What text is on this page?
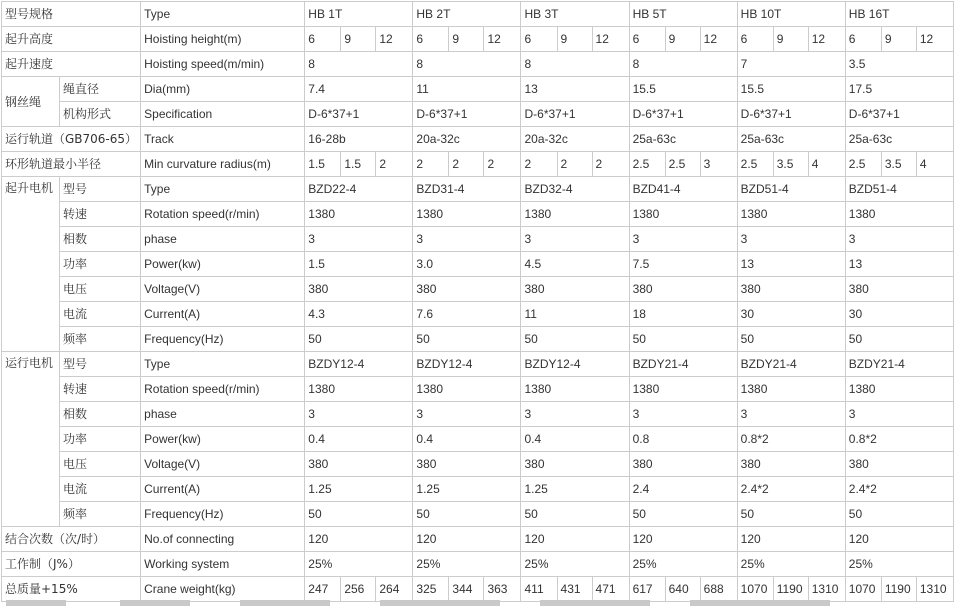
型号规格		Type	HB 1T			HB 2T			HB 3T			HB 5T			HB 10T			HB 16T		
起升高度		Hoisting height(m)	6	9	12	6	9	12	6	9	12	6	9	12	6	9	12	6	9	12
起升速度		Hoisting speed(m/min)	8			8			8			8			7			3.5		
钢丝绳	绳直径	Dia(mm)	7.4			11			13			15.5			15.5			17.5		
	机构形式	Specification	D-6*37+1			D-6*37+1			D-6*37+1			D-6*37+1			D-6*37+1			D-6*37+1		
运行轨道（GB706-65）		Track	16-28b			20a-32c			20a-32c			25a-63c			25a-63c			25a-63c		
环形轨道最小半径		Min curvature radius(m)	1.5	1.5	2	2	2	2	2	2	2	2.5	2.5	3	2.5	3.5	4	2.5	3.5	4
起升电机	型号	Type	BZD22-4			BZD31-4			BZD32-4			BZD41-4			BZD51-4			BZD51-4		
	转速	Rotation speed(r/min)	1380			1380			1380			1380			1380			1380		
	相数	phase	3			3			3			3			3			3		
	功率	Power(kw)	1.5			3.0			4.5			7.5			13			13		
	电压	Voltage(V)	380			380			380			380			380			380		
	电流	Current(A)	4.3			7.6			11			18			30			30		
	频率	Frequency(Hz)	50			50			50			50			50			50		
运行电机	型号	Type	BZDY12-4			BZDY12-4			BZDY12-4			BZDY21-4			BZDY21-4			BZDY21-4		
	转速	Rotation speed(r/min)	1380			1380			1380			1380			1380			1380		
	相数	phase	3			3			3			3			3			3		
	功率	Power(kw)	0.4			0.4			0.4			0.8			0.8*2			0.8*2		
	电压	Voltage(V)	380			380			380			380			380			380		
	电流	Current(A)	1.25			1.25			1.25			2.4			2.4*2			2.4*2		
	频率	Frequency(Hz)	50			50			50			50			50			50		
结合次数（次/时）		No.of connecting	120			120			120			120			120			120		
工作制（J%）		Working system	25%			25%			25%			25%			25%			25%		
总质量+15%		Crane weight(kg)	247	256	264	325	344	363	411	431	471	617	640	688	1070	1190	1310	1070	1190	1310
